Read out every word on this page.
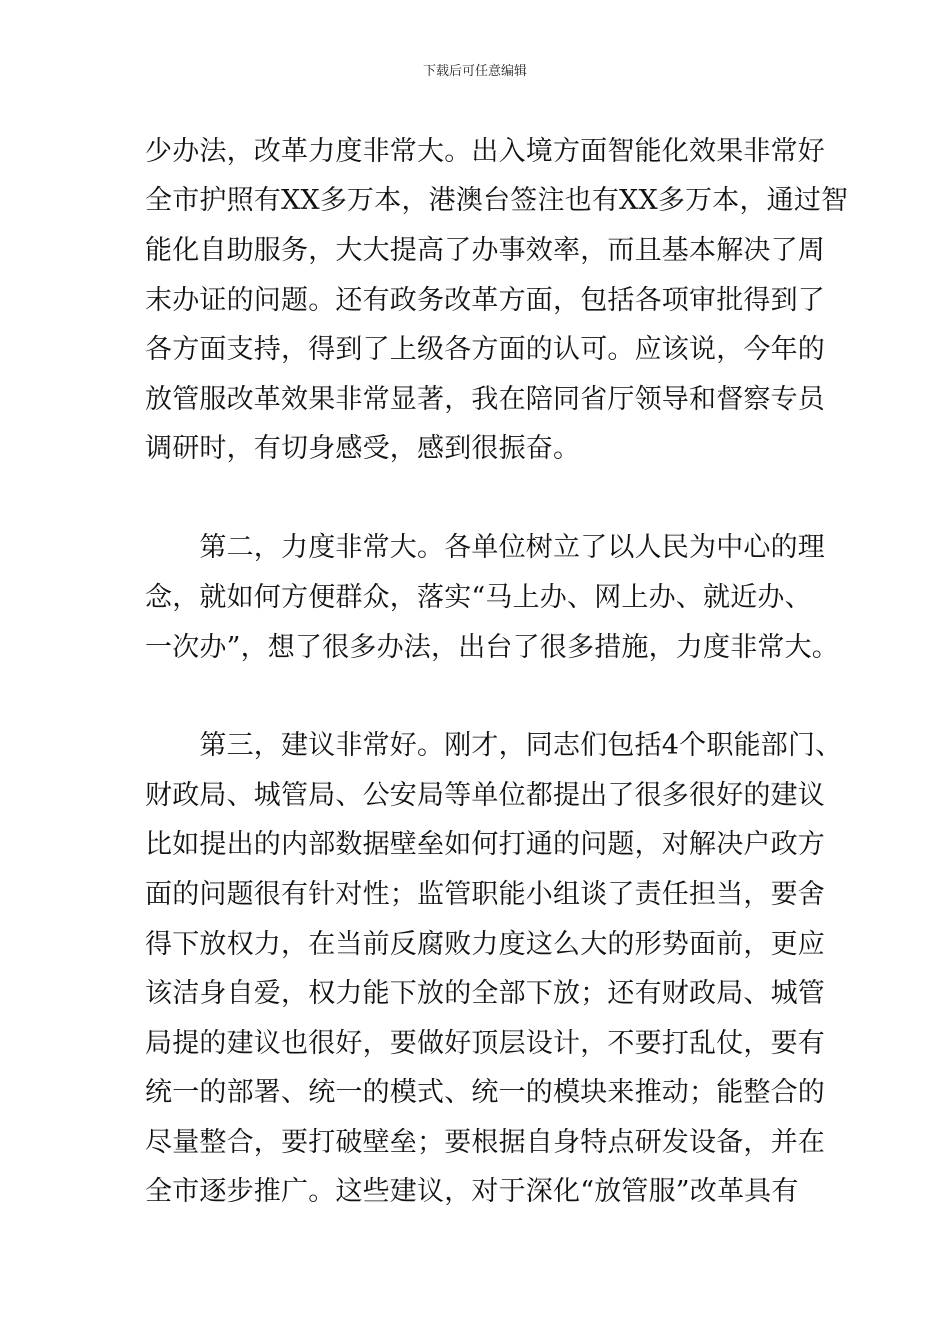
下载后可任意编辑
少办法，改革力度非常大。出入境方面智能化效果非常好
全市护照有XX多万本，港澳台签注也有XX多万本，通过智
能化自助服务，大大提高了办事效率，而且基本解决了周
末办证的问题。还有政务改革方面，包括各项审批得到了
各方面支持，得到了上级各方面的认可。应该说，今年的
放管服改革效果非常显著，我在陪同省厅领导和督察专员
调研时，有切身感受，感到很振奋。
　　第二，力度非常大。各单位树立了以人民为中心的理
念，就如何方便群众，落实“马上办、网上办、就近办、
一次办”，想了很多办法，出台了很多措施，力度非常大。
　　第三，建议非常好。刚才，同志们包括4个职能部门、
财政局、城管局、公安局等单位都提出了很多很好的建议
比如提出的内部数据壁垒如何打通的问题，对解决户政方
面的问题很有针对性；监管职能小组谈了责任担当，要舍
得下放权力，在当前反腐败力度这么大的形势面前，更应
该洁身自爱，权力能下放的全部下放；还有财政局、城管
局提的建议也很好，要做好顶层设计，不要打乱仗，要有
统一的部署、统一的模式、统一的模块来推动；能整合的
尽量整合，要打破壁垒；要根据自身特点研发设备，并在
全市逐步推广。这些建议，对于深化“放管服”改革具有
